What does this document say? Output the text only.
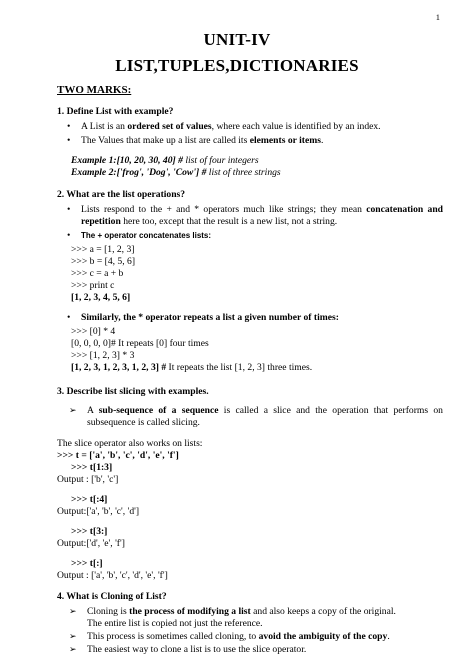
1
UNIT-IV
LIST,TUPLES,DICTIONARIES
TWO MARKS:
1. Define List with example?
• A List is an ordered set of values, where each value is identified by an index.
• The Values that make up a list are called its elements or items.
Example 1:[10, 20, 30, 40] # list of four integers
Example 2:['frog', 'Dog', 'Cow'] # list of three strings
2. What are the list operations?
• Lists respond to the + and * operators much like strings; they mean concatenation and repetition here too, except that the result is a new list, not a string.
• The + operator concatenates lists:
>>> a = [1, 2, 3]
>>> b = [4, 5, 6]
>>> c = a + b
>>> print c
[1, 2, 3, 4, 5, 6]
• Similarly, the * operator repeats a list a given number of times:
>>> [0] * 4
[0, 0, 0, 0]# It repeats [0] four times
>>> [1, 2, 3] * 3
[1, 2, 3, 1, 2, 3, 1, 2, 3] # It repeats the list [1, 2, 3] three times.
3. Describe list slicing with examples.
➢ A sub-sequence of a sequence is called a slice and the operation that performs on subsequence is called slicing.
The slice operator also works on lists:
>>> t = ['a', 'b', 'c', 'd', 'e', 'f']
>>> t[1:3]
Output : ['b', 'c']
>>> t[:4]
Output:['a', 'b', 'c', 'd']
>>> t[3:]
Output:['d', 'e', 'f']
>>> t[:]
Output : ['a', 'b', 'c', 'd', 'e', 'f']
4. What is Cloning of List?
➢ Cloning is the process of modifying a list and also keeps a copy of the original.
The entire list is copied not just the reference.
➢ This process is sometimes called cloning, to avoid the ambiguity of the copy.
➢ The easiest way to clone a list is to use the slice operator.
